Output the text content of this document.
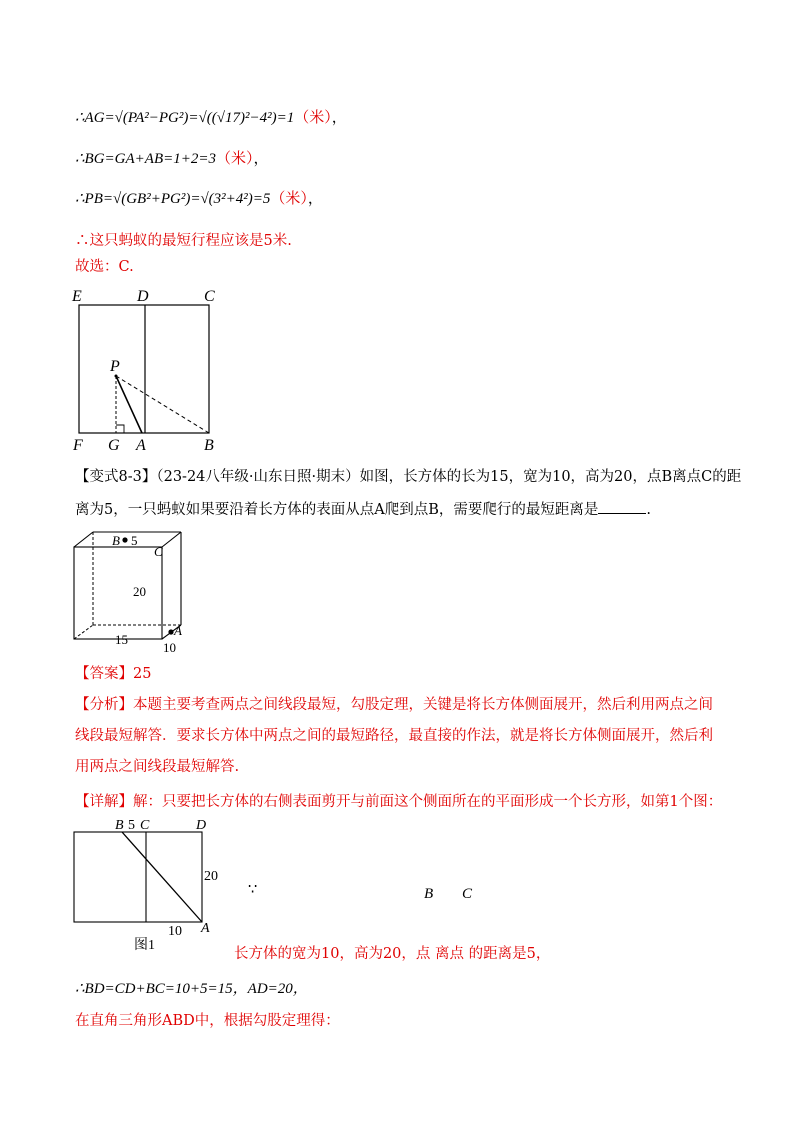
∴AG=√(PA²−PG²)=√((√17)²−4²)=1（米），
∴BG=GA+AB=1+2=3（米），
∴PB=√(GB²+PG²)=√(3²+4²)=5（米），
∴这只蚂蚁的最短行程应该是5米.
故选：C.
E	D	C
P
F G A	B
【变式8-3】（23-24八年级·山东日照·期末）如图，长方体的长为15，宽为10，高为20，点B离点C的距
离为5，一只蚂蚁如果要沿着长方体的表面从点A爬到点B，需要爬行的最短距离是	.
B 5
C
20
15
A
10
【答案】25
【分析】本题主要考查两点之间线段最短，勾股定理，关键是将长方体侧面展开，然后利用两点之间线段最短解答．要求长方体中两点之间的最短路径，最直接的作法，就是将长方体侧面展开，然后利用两点之间线段最短解答.
【详解】解：只要把长方体的右侧表面剪开与前面这个侧面所在的平面形成一个长方形，如第1个图：
B 5 C	D
20
10 A
图1
∵	B C
长方体的宽为10，高为20，点 离点 的距离是5，
∴BD=CD+BC=10+5=15，AD=20，
在直角三角形ABD中，根据勾股定理得：
